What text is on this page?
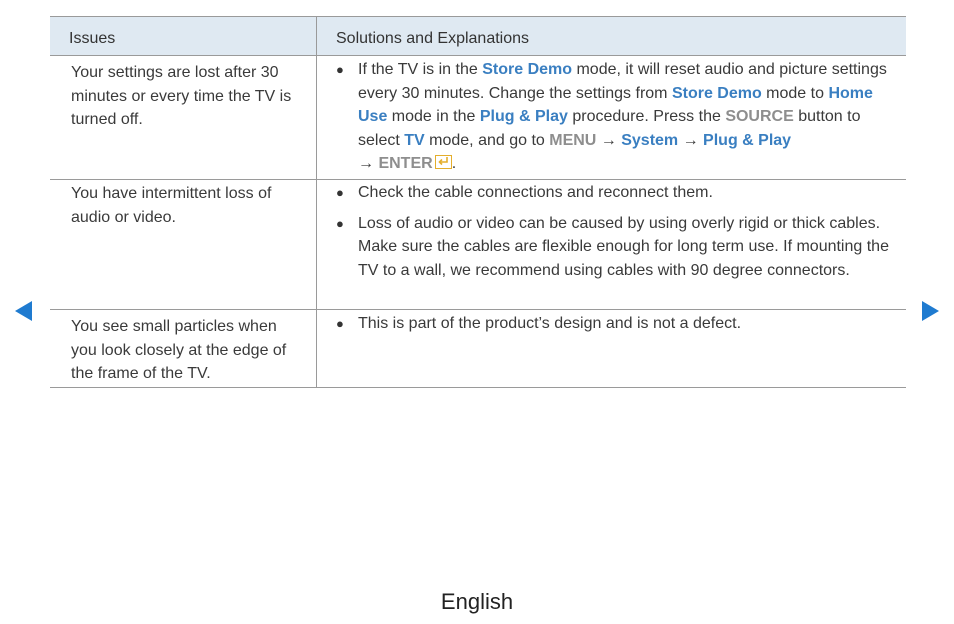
Issues	Solutions and Explanations
Your settings are lost after 30 minutes or every time the TV is turned off.
● If the TV is in the Store Demo mode, it will reset audio and picture settings every 30 minutes. Change the settings from Store Demo mode to Home Use mode in the Plug & Play procedure. Press the SOURCE button to select TV mode, and go to MENU → System → Plug & Play
→ ENTER .
You have intermittent loss of audio or video.
● Check the cable connections and reconnect them.
● Loss of audio or video can be caused by using overly rigid or thick cables. Make sure the cables are flexible enough for long term use. If mounting the TV to a wall, we recommend using cables with 90 degree connectors.
You see small particles when you look closely at the edge of the frame of the TV.
● This is part of the product’s design and is not a defect.
English
